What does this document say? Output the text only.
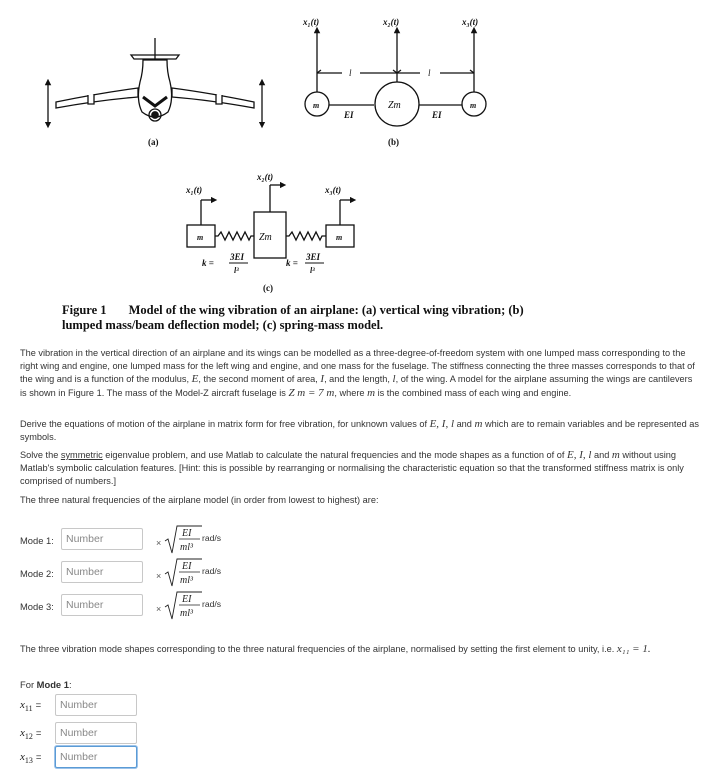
(a)
x₁(t)	x₂(t)	x₃(t)
l	l
m	Zm	m
EI	EI
(b)
x₁(t)
x₂(t)
x₃(t)
m	Zm	m
k =
3EI
l³
k =
3EI
l³
(c)
Figure 1 Model of the wing vibration of an airplane: (a) vertical wing vibration; (b) lumped mass/beam deflection model; (c) spring-mass model.

The vibration in the vertical direction of an airplane and its wings can be modelled as a three-degree-of-freedom system with one lumped mass corresponding to the right wing and engine, one lumped mass for the left wing and engine, and one mass for the fuselage. The stiffness connecting the three masses corresponds to that of the wing and is a function of the modulus, E, the second moment of area, I, and the length, l, of the wing. A model for the airplane assuming the wings are cantilevers is shown in Figure 1. The mass of the Model-Z aircraft fuselage is Z m = 7 m, where m is the combined mass of each wing and engine.

Derive the equations of motion of the airplane in matrix form for free vibration, for unknown values of E, I, l and m which are to remain variables and be represented as symbols.

Solve the symmetric eigenvalue problem, and use Matlab to calculate the natural frequencies and the mode shapes as a function of of E, I, l and m without using Matlab's symbolic calculation features. [Hint: this is possible by rearranging or normalising the characteristic equation so that the transformed stiffness matrix is only comprised of numbers.]

The three natural frequencies of the airplane model (in order from lowest to highest) are:

Mode 1:
Number	×
EI
ml³
rad/s
Mode 2:
Number	×
EI
ml³
rad/s
Mode 3:
Number	×
EI
ml³
rad/s

The three vibration mode shapes corresponding to the three natural frequencies of the airplane, normalised by setting the first element to unity, i.e. x₁₁ = 1.

For Mode 1:
$x_{11}$ =
Number
$x_{12}$ =
Number
$x_{13}$ =
Number
